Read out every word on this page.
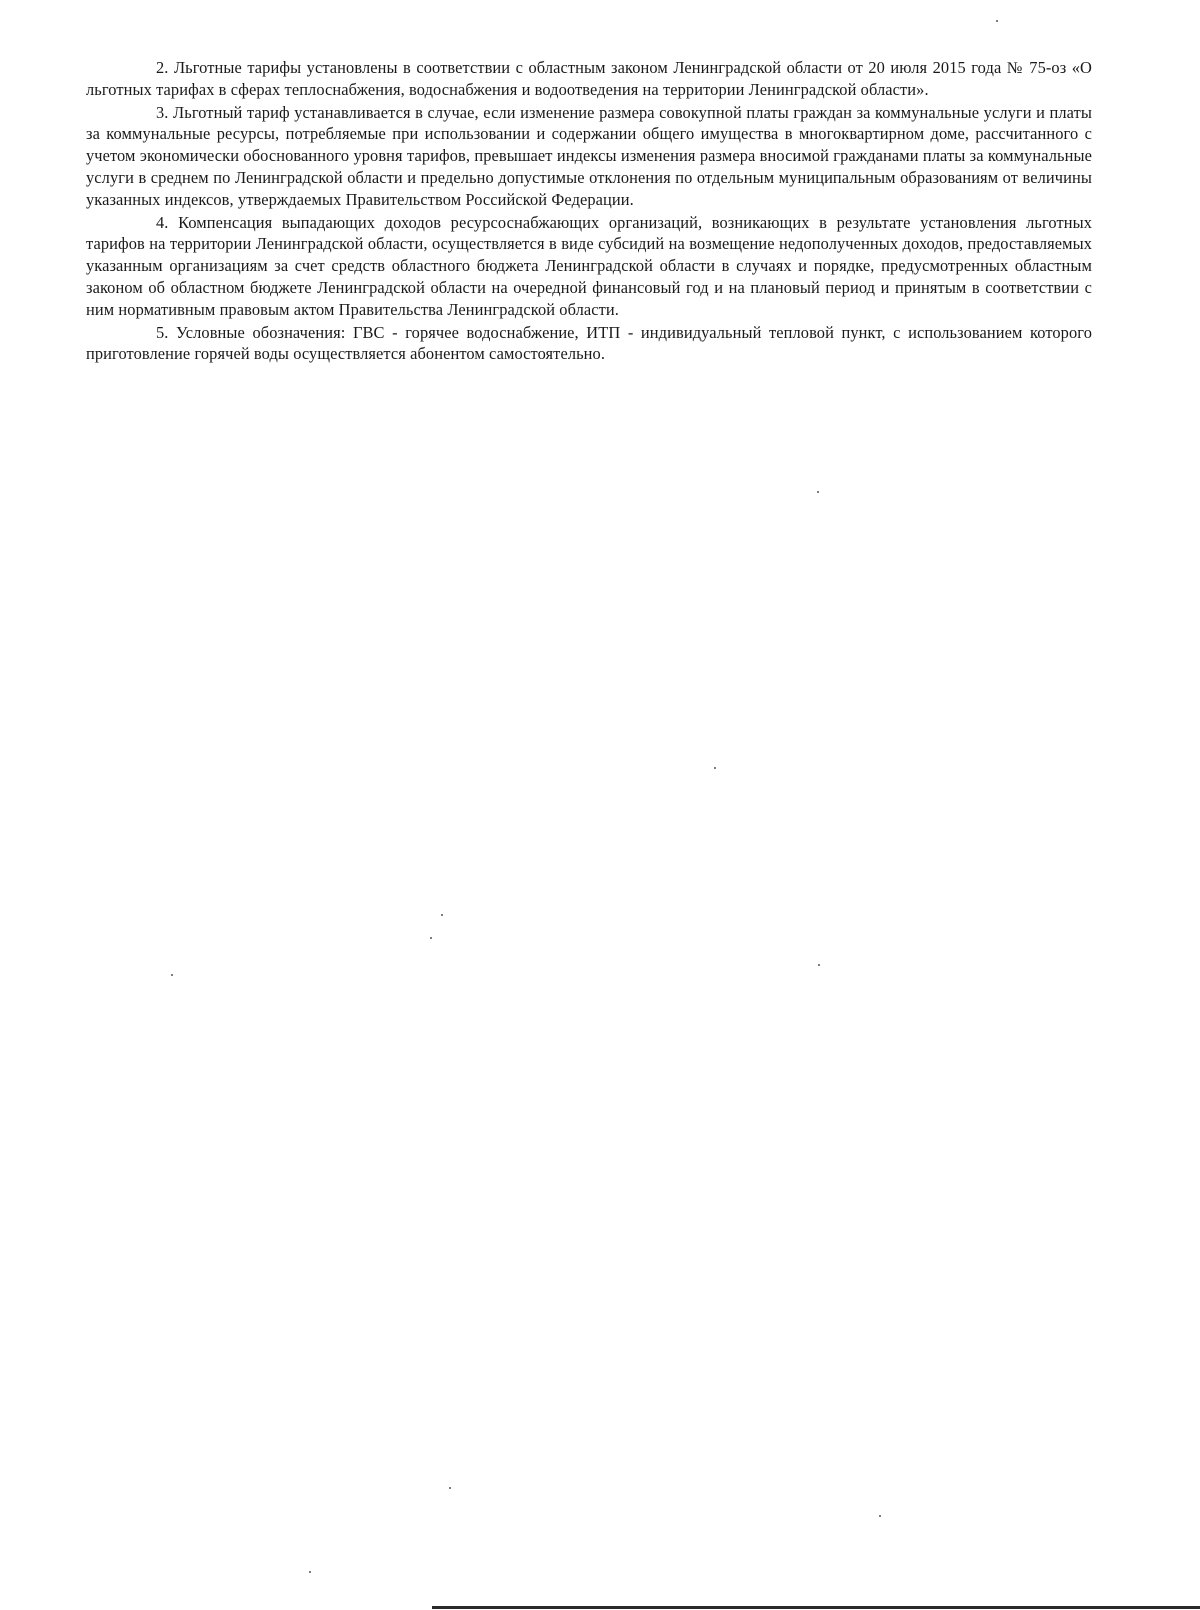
2. Льготные тарифы установлены в соответствии с областным законом Ленинградской области от 20 июля 2015 года № 75-оз «О льготных тарифах в сферах теплоснабжения, водоснабжения и водоотведения на территории Ленинградской области».

3. Льготный тариф устанавливается в случае, если изменение размера совокупной платы граждан за коммунальные услуги и платы за коммунальные ресурсы, потребляемые при использовании и содержании общего имущества в многоквартирном доме, рассчитанного с учетом экономически обоснованного уровня тарифов, превышает индексы изменения размера вносимой гражданами платы за коммунальные услуги в среднем по Ленинградской области и предельно допустимые отклонения по отдельным муниципальным образованиям от величины указанных индексов, утверждаемых Правительством Российской Федерации.

4. Компенсация выпадающих доходов ресурсоснабжающих организаций, возникающих в результате установления льготных тарифов на территории Ленинградской области, осуществляется в виде субсидий на возмещение недополученных доходов, предоставляемых указанным организациям за счет средств областного бюджета Ленинградской области в случаях и порядке, предусмотренных областным законом об областном бюджете Ленинградской области на очередной финансовый год и на плановый период и принятым в соответствии с ним нормативным правовым актом Правительства Ленинградской области.

5. Условные обозначения: ГВС - горячее водоснабжение, ИТП - индивидуальный тепловой пункт, с использованием которого приготовление горячей воды осуществляется абонентом самостоятельно.
